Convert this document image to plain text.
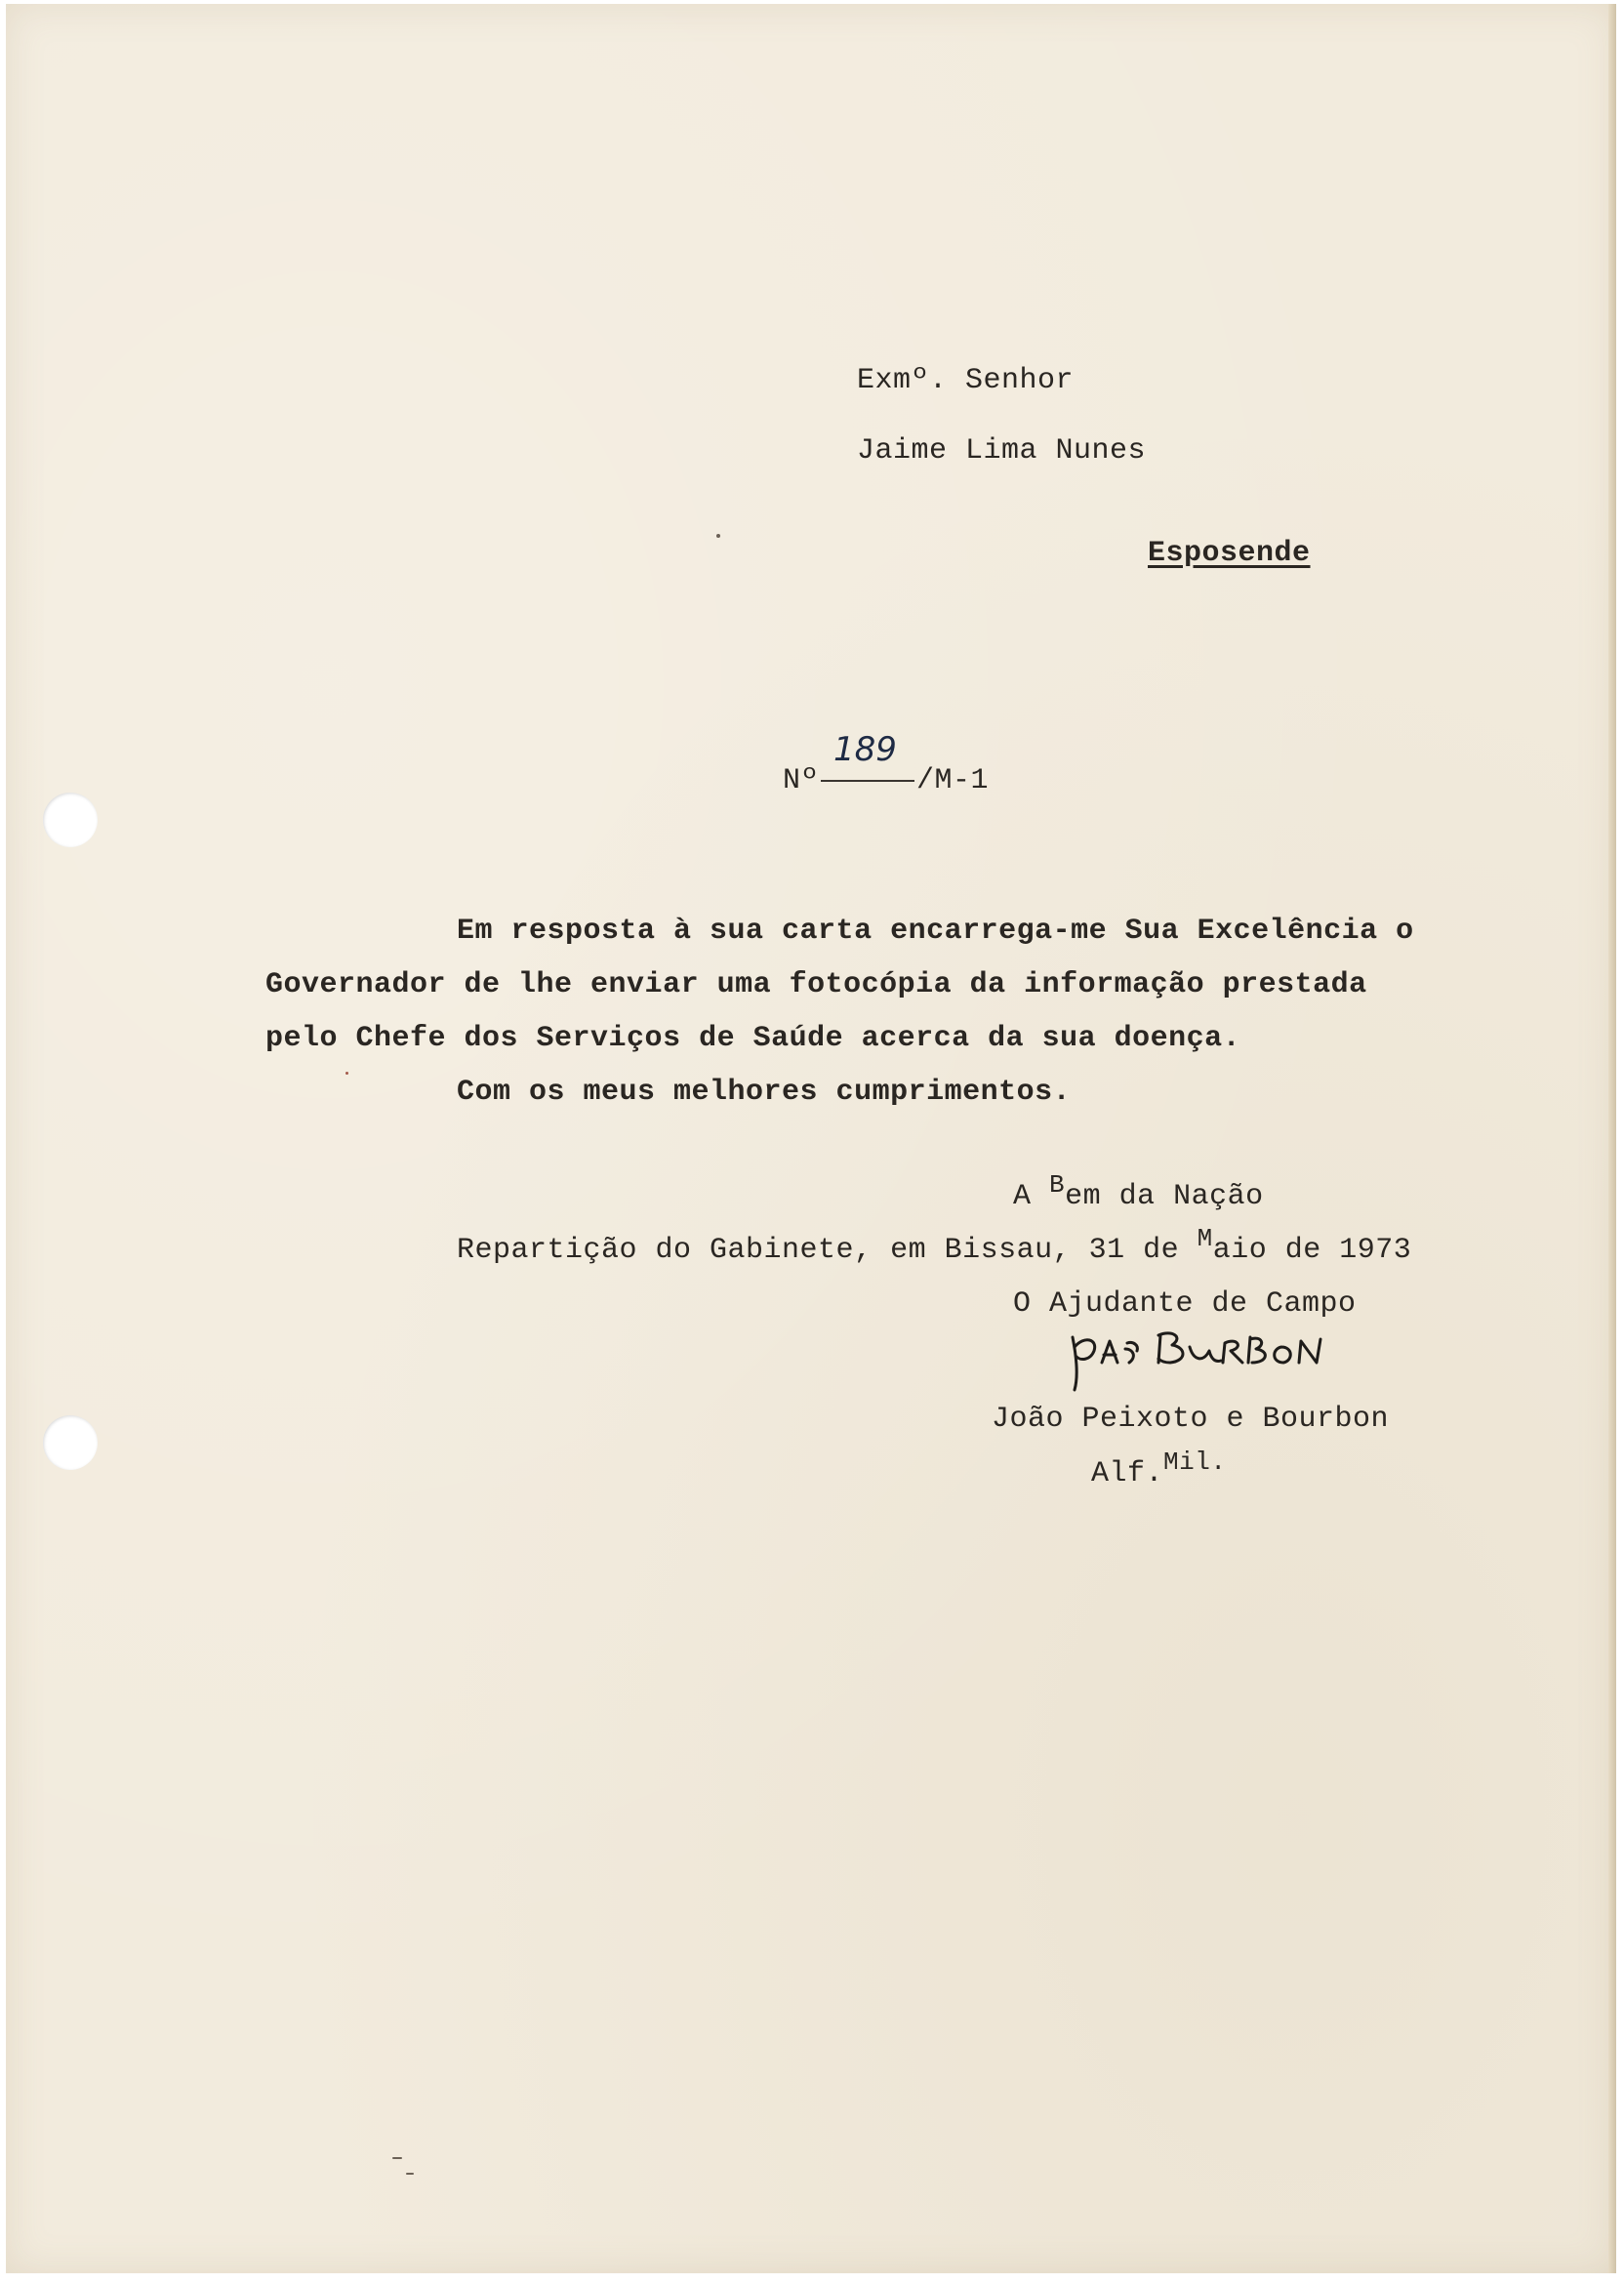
Exmº. Senhor
Jaime Lima Nunes
Esposende
Nº	/M-1
189
Em resposta à sua carta encarrega-me Sua Excelência o
Governador de lhe enviar uma fotocópia da informação prestada
pelo Chefe dos Serviços de Saúde acerca da sua doença.
Com os meus melhores cumprimentos.
A Bem da Nação
Repartição do Gabinete, em Bissau, 31 de Maio de 1973
O Ajudante de Campo
João Peixoto e Bourbon
Alf.Mil.
